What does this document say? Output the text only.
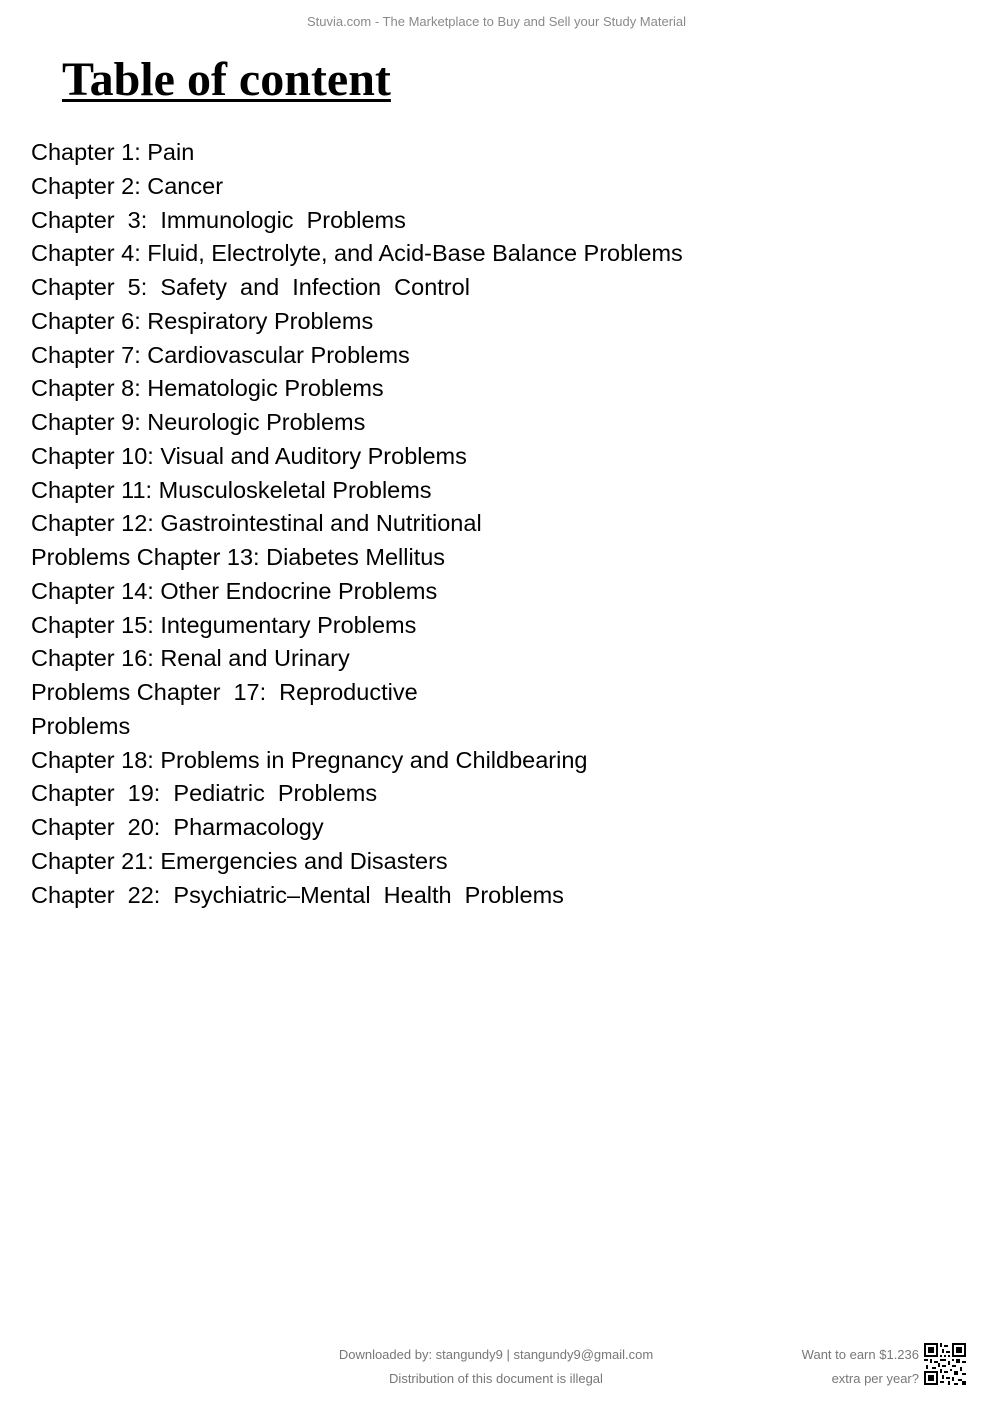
Stuvia.com - The Marketplace to Buy and Sell your Study Material
Table of content
Chapter 1: Pain
Chapter 2: Cancer
Chapter  3:  Immunologic  Problems
Chapter 4: Fluid, Electrolyte, and Acid-Base Balance Problems
Chapter  5:  Safety  and  Infection  Control
Chapter 6: Respiratory Problems
Chapter 7: Cardiovascular Problems
Chapter 8: Hematologic Problems
Chapter 9: Neurologic Problems
Chapter 10: Visual and Auditory Problems
Chapter 11: Musculoskeletal Problems
Chapter 12: Gastrointestinal and Nutritional
Problems Chapter 13: Diabetes Mellitus
Chapter 14: Other Endocrine Problems
Chapter 15: Integumentary Problems
Chapter 16: Renal and Urinary
Problems Chapter  17:  Reproductive
Problems
Chapter 18: Problems in Pregnancy and Childbearing
Chapter  19:  Pediatric  Problems
Chapter  20:  Pharmacology
Chapter 21: Emergencies and Disasters
Chapter  22:  Psychiatric–Mental  Health  Problems
Downloaded by: stangundy9 | stangundy9@gmail.com
Distribution of this document is illegal
Want to earn $1.236
extra per year?
